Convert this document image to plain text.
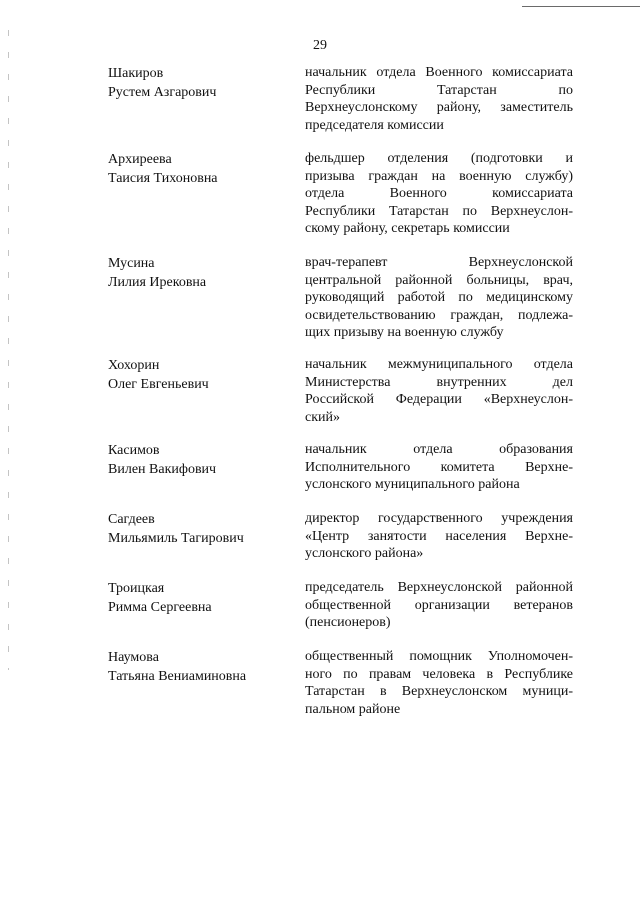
29
Шакиров
Рустем Азгарович
начальник отдела Военного комиссариата
Республики Татарстан по
Верхнеуслонскому району, заместитель
председателя комиссии
Архиреева
Таисия Тихоновна
фельдшер отделения (подготовки и
призыва граждан на военную службу)
отдела Военного комиссариата
Республики Татарстан по Верхнеуслон-
скому району, секретарь комиссии
Мусина
Лилия Ирековна
врач-терапевт Верхнеуслонской
центральной районной больницы, врач,
руководящий работой по медицинскому
освидетельствованию граждан, подлежа-
щих призыву на военную службу
Хохорин
Олег Евгеньевич
начальник межмуниципального отдела
Министерства внутренних дел
Российской Федерации «Верхнеуслон-
ский»
Касимов
Вилен Вакифович
начальник отдела образования
Исполнительного комитета Верхне-
услонского муниципального района
Сагдеев
Мильямиль Тагирович
директор государственного учреждения
«Центр занятости населения Верхне-
услонского района»
Троицкая
Римма Сергеевна
председатель Верхнеуслонской районной
общественной организации ветеранов
(пенсионеров)
Наумова
Татьяна Вениаминовна
общественный помощник Уполномочен-
ного по правам человека в Республике
Татарстан в Верхнеуслонском муници-
пальном районе
